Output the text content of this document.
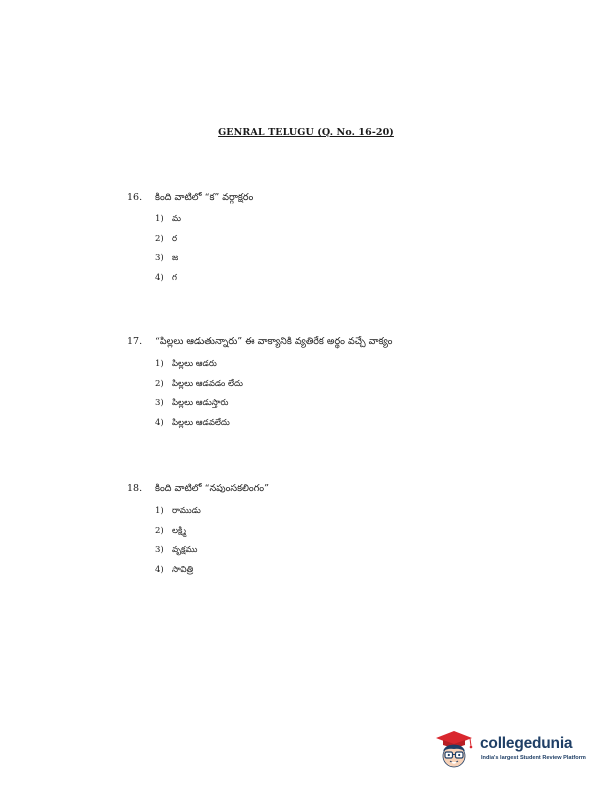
GENRAL TELUGU (Q. No. 16-20)
16.	కింది వాటిలో “క” వర్గాక్షరం
1) మ
2) ర
3) జ
4) గ
17.	“పిల్లలు ఆడుతున్నారు” ఈ వాక్యానికి వ్యతిరేక అర్థం వచ్చే వాక్యం
1) పిల్లలు ఆడరు
2) పిల్లలు ఆడవడం లేదు
3) పిల్లలు ఆడుస్తారు
4) పిల్లలు ఆడవలేదు
18.	కింది వాటిలో “నపుంసకలింగం”
1) రాముడు
2) లక్ష్మి
3) వృక్షము
4) సావిత్రి
collegedunia
India's largest Student Review Platform
